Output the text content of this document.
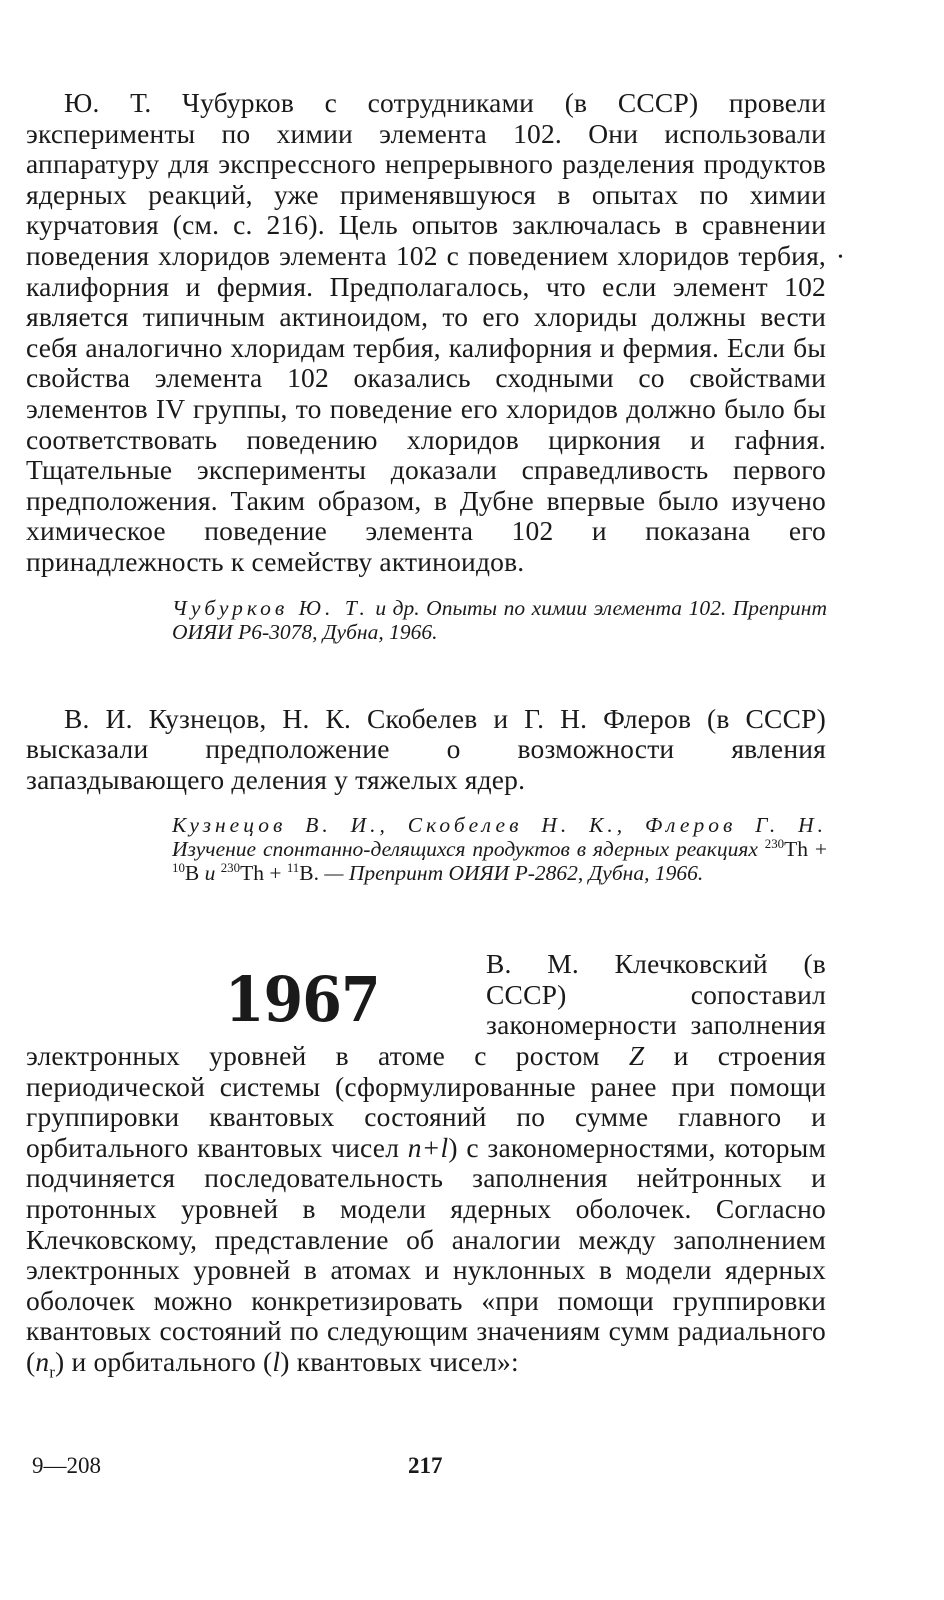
Ю. Т. Чубурков с сотрудниками (в СССР) провели эксперименты по химии элемента 102. Они использовали аппаратуру для экспрессного непрерывного разделения продуктов ядерных реакций, уже применявшуюся в опытах по химии курчатовия (см. с. 216). Цель опытов заключалась в сравнении поведения хлоридов элемента 102 с поведением хлоридов тербия, калифорния и фермия. Предполагалось, что если элемент 102 является типичным актиноидом, то его хлориды должны вести себя аналогично хлоридам тербия, калифорния и фермия. Если бы свойства элемента 102 оказались сходными со свойствами элементов IV группы, то поведение его хлоридов должно было бы соответствовать поведению хлоридов циркония и гафния. Тщательные эксперименты доказали справедливость первого предположения. Таким образом, в Дубне впервые было изучено химическое поведение элемента 102 и показана его принадлежность к семейству актиноидов.

Чубурков Ю. Т. и др. Опыты по химии элемента 102. Препринт ОИЯИ Р6-3078, Дубна, 1966.

В. И. Кузнецов, Н. К. Скобелев и Г. Н. Флеров (в СССР) высказали предположение о возможности явления запаздывающего деления у тяжелых ядер.

Кузнецов В. И., Скобелев Н. К., Флеров Г. Н. Изучение спонтанно-делящихся продуктов в ядерных реакциях $^{230}$Th + $^{10}$B и $^{230}$Th + $^{11}$B. — Препринт ОИЯИ Р-2862, Дубна, 1966.

1967	В. М. Клечковский (в СССР) сопоставил закономерности заполнения электронных уровней в атоме с ростом Z и строения периодической системы (сформулированные ранее при помощи группировки квантовых состояний по сумме главного и орбитального квантовых чисел n+l) с закономерностями, которым подчиняется последовательность заполнения нейтронных и протонных уровней в модели ядерных оболочек. Согласно Клечковскому, представление об аналогии между заполнением электронных уровней в атомах и нуклонных в модели ядерных оболочек можно конкретизировать «при помощи группировки квантовых состояний по следующим значениям сумм радиального $(n_r)$ и орбитального (l) квантовых чисел»:

•
9—208	217
